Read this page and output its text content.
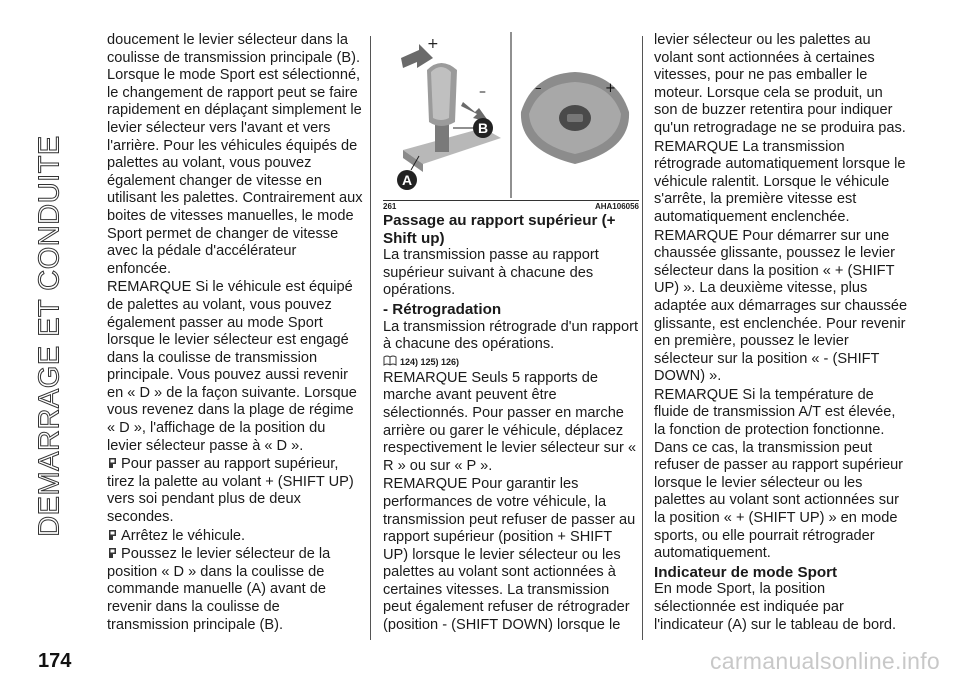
DEMARRAGE ET CONDUITE

doucement le levier sélecteur dans la coulisse de transmission principale (B). Lorsque le mode Sport est sélectionné, le changement de rapport peut se faire rapidement en déplaçant simplement le levier sélecteur vers l'avant et vers l'arrière. Pour les véhicules équipés de palettes au volant, vous pouvez également changer de vitesse en utilisant les palettes. Contrairement aux boites de vitesses manuelles, le mode Sport permet de changer de vitesse avec la pédale d'accélérateur enfoncée.

REMARQUE Si le véhicule est équipé de palettes au volant, vous pouvez également passer au mode Sport lorsque le levier sélecteur est engagé dans la coulisse de transmission principale. Vous pouvez aussi revenir en « D » de la façon suivante. Lorsque vous revenez dans la plage de régime « D », l'affichage de la position du levier sélecteur passe à « D ».

Pour passer au rapport supérieur, tirez la palette au volant + (SHIFT UP) vers soi pendant plus de deux secondes.

Arrêtez le véhicule.

Poussez le levier sélecteur de la position « D » dans la coulisse de commande manuelle (A) avant de revenir dans la coulisse de transmission principale (B).

+
–
B
A
–	+
261	AHA106056
Passage au rapport supérieur (+ Shift up)

La transmission passe au rapport supérieur suivant à chacune des opérations.

- Rétrogradation

La transmission rétrograde d'un rapport à chacune des opérations.

124) 125) 126)

REMARQUE Seuls 5 rapports de marche avant peuvent être sélectionnés. Pour passer en marche arrière ou garer le véhicule, déplacez respectivement le levier sélecteur sur « R » ou sur « P ».

REMARQUE Pour garantir les performances de votre véhicule, la transmission peut refuser de passer au rapport supérieur (position + SHIFT UP) lorsque le levier sélecteur ou les palettes au volant sont actionnées à certaines vitesses. La transmission peut également refuser de rétrograder (position - (SHIFT DOWN) lorsque le

levier sélecteur ou les palettes au volant sont actionnées à certaines vitesses, pour ne pas emballer le moteur. Lorsque cela se produit, un son de buzzer retentira pour indiquer qu'un retrogradage ne se produira pas.

REMARQUE La transmission rétrograde automatiquement lorsque le véhicule ralentit. Lorsque le véhicule s'arrête, la première vitesse est automatiquement enclenchée.

REMARQUE Pour démarrer sur une chaussée glissante, poussez le levier sélecteur dans la position « + (SHIFT UP) ». La deuxième vitesse, plus adaptée aux démarrages sur chaussée glissante, est enclenchée. Pour revenir en première, poussez le levier sélecteur sur la position « - (SHIFT DOWN) ».

REMARQUE Si la température de fluide de transmission A/T est élevée, la fonction de protection fonctionne. Dans ce cas, la transmission peut refuser de passer au rapport supérieur lorsque le levier sélecteur ou les palettes au volant sont actionnées sur la position « + (SHIFT UP) » en mode sports, ou elle pourrait rétrograder automatiquement.

Indicateur de mode Sport

En mode Sport, la position sélectionnée est indiquée par l'indicateur (A) sur le tableau de bord.

174	carmanualsonline.info
